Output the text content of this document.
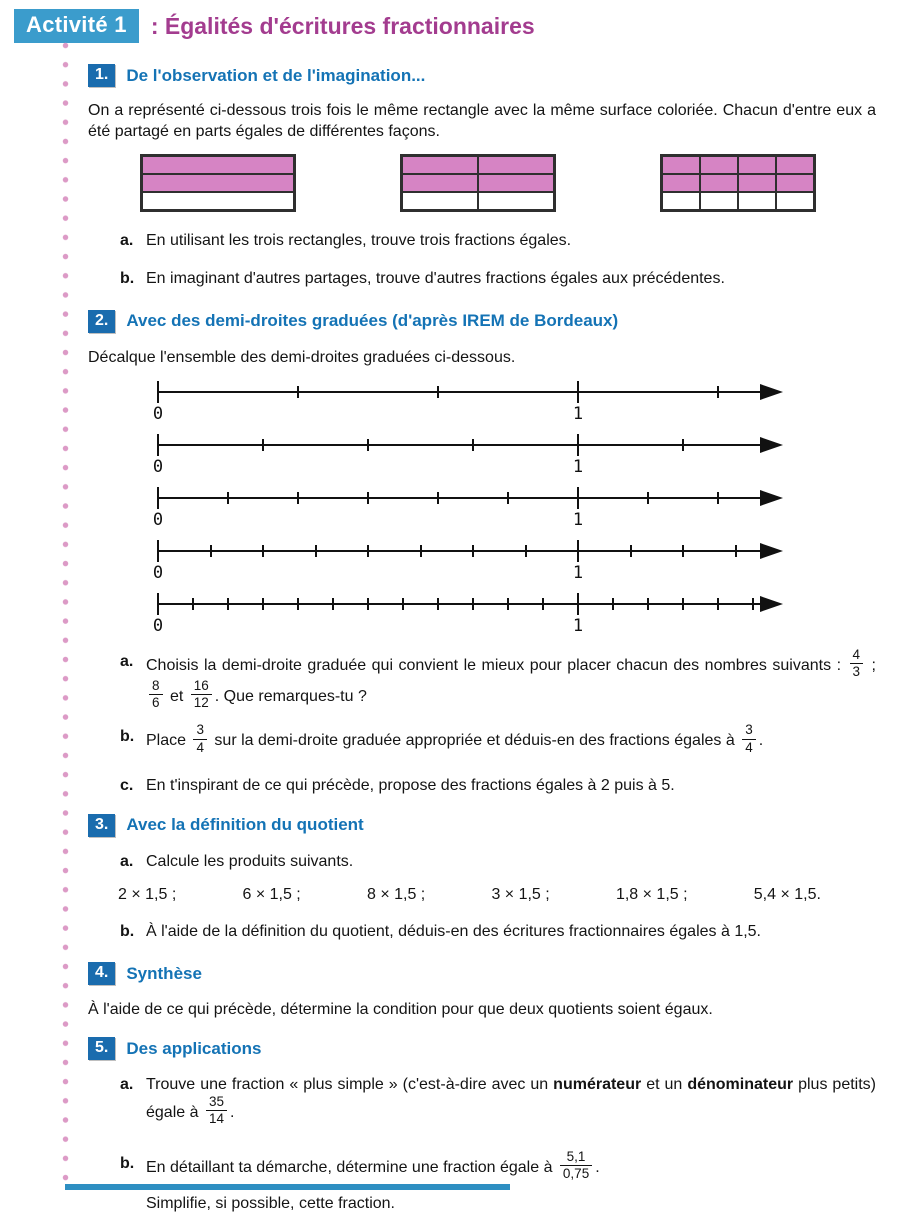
Activité 1	: Égalités d'écritures fractionnaires
1.	De l'observation et de l'imagination...
On a représenté ci-dessous trois fois le même rectangle avec la même surface coloriée. Chacun d'entre eux a été partagé en parts égales de différentes façons.
a. En utilisant les trois rectangles, trouve trois fractions égales.
b. En imaginant d'autres partages, trouve d'autres fractions égales aux précédentes.
2.	Avec des demi-droites graduées (d'après IREM de Bordeaux)
Décalque l'ensemble des demi-droites graduées ci-dessous.
0	1
0	1
0	1
0	1
0	1
a. Choisis la demi-droite graduée qui convient le mieux pour placer chacun des nombres suivants : $\frac{4}{3}$ ;
$\frac{8}{6}$ et $\frac{16}{12}$ . Que remarques-tu ?
b. Place $\frac{3}{4}$ sur la demi-droite graduée appropriée et déduis-en des fractions égales à $\frac{3}{4}$ .
c. En t'inspirant de ce qui précède, propose des fractions égales à 2 puis à 5.
3.	Avec la définition du quotient
a. Calcule les produits suivants.
2 × 1,5 ;	6 × 1,5 ;	8 × 1,5 ;	3 × 1,5 ;	1,8 × 1,5 ;	5,4 × 1,5.
b. À l'aide de la définition du quotient, déduis-en des écritures fractionnaires égales à 1,5.
4.	Synthèse
À l'aide de ce qui précède, détermine la condition pour que deux quotients soient égaux.
5.	Des applications
a. Trouve une fraction « plus simple » (c'est-à-dire avec un numérateur et un dénominateur plus petits) égale à $\frac{35}{14}$ .
b. En détaillant ta démarche, détermine une fraction égale à $\frac{5,1}{0,75}$ .
Simplifie, si possible, cette fraction.
